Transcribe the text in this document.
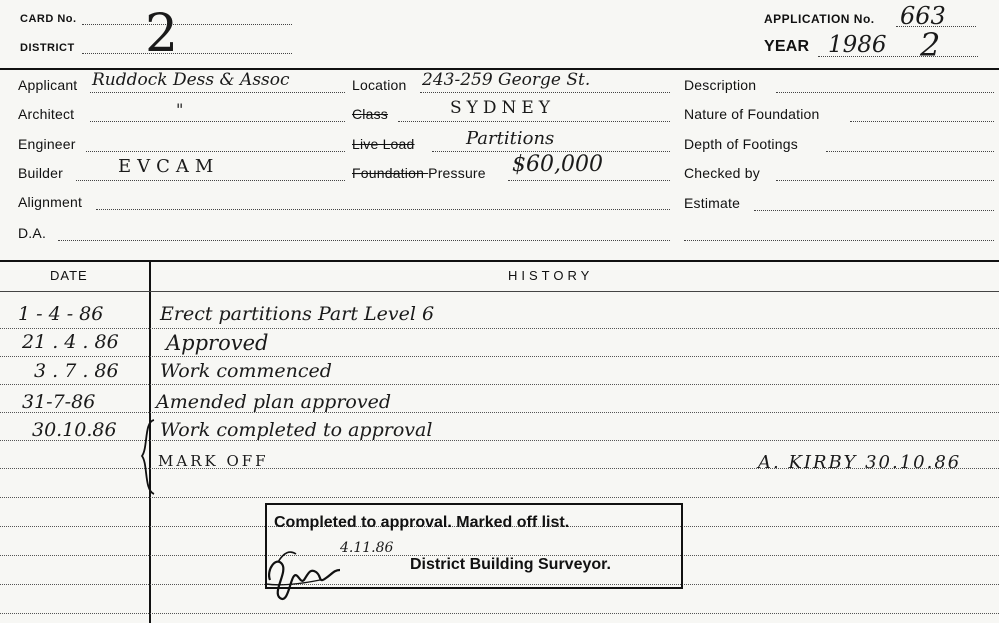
CARD No.
DISTRICT 2	APPLICATION No. 663
YEAR 1986 2
Applicant Ruddock Dess & Assoc
Architect	"
Engineer
Builder	EVCAM
Alignment
D.A.
Location 243-259 George St.
Class	SYDNEY
Live Load	Partitions
Foundation Pressure $60,000
Description
Nature of Foundation
Depth of Footings
Checked by
Estimate
DATE	HISTORY
1 - 4 - 86	Erect partitions Part Level 6
21 . 4 . 86 Approved
3 . 7 . 86 Work commenced
31-7-86	Amended plan approved
30.10.86 Work completed to approval
MARK OFF	A. KIRBY 30.10.86
Completed to approval. Marked off list.
District Building Surveyor.
4.11.86
